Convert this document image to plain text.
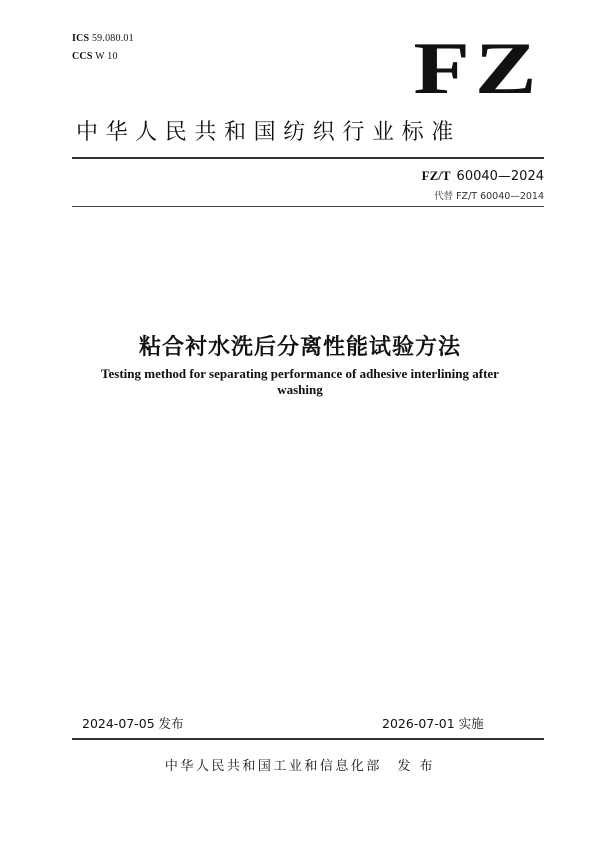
ICS 59.080.01
CCS W 10	FZ
中华人民共和国纺织行业标准
FZ/T 60040—2024
代替 FZ/T 60040—2014
粘合衬水洗后分离性能试验方法
Testing method for separating performance of adhesive interlining after washing
2024-07-05 发布	2026-07-01 实施
中华人民共和国工业和信息化部　发 布
